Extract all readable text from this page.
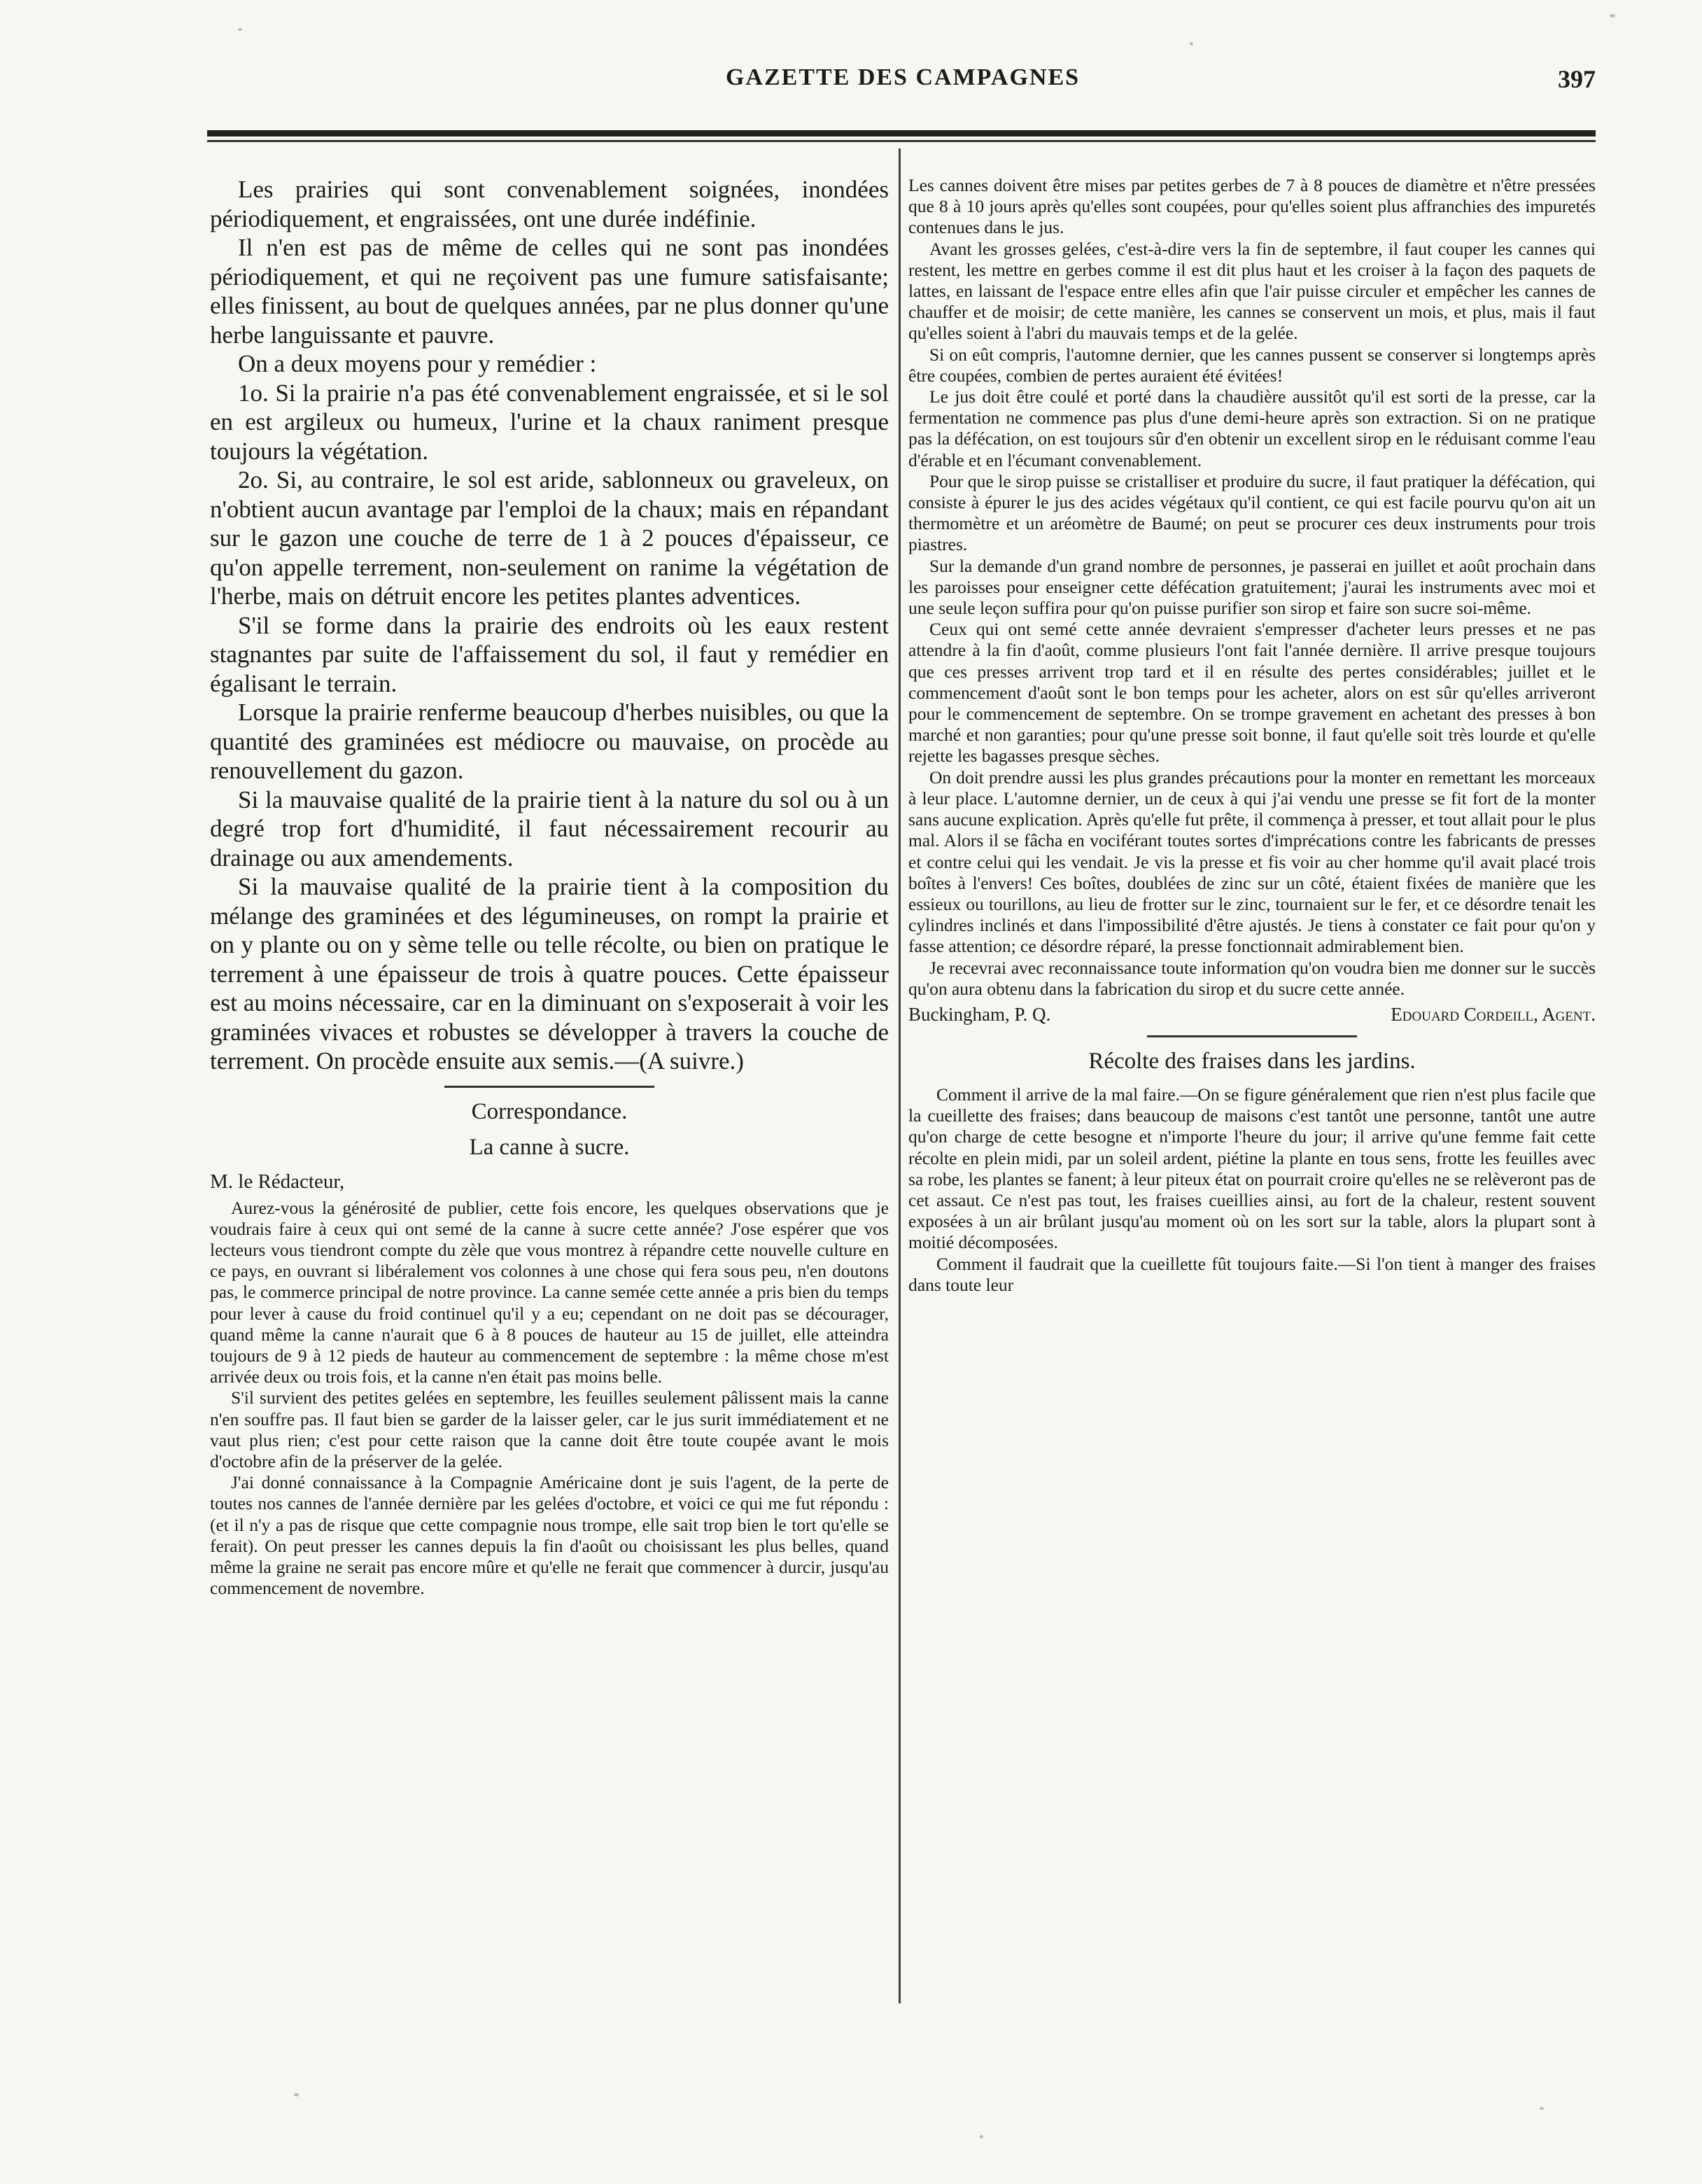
GAZETTE DES CAMPAGNES	397

Les prairies qui sont convenablement soignées, inondées périodiquement, et engraissées, ont une durée indéfinie.

Il n'en est pas de même de celles qui ne sont pas inondées périodiquement, et qui ne reçoivent pas une fumure satisfaisante; elles finissent, au bout de quelques années, par ne plus donner qu'une herbe languissante et pauvre.

On a deux moyens pour y remédier :

1o. Si la prairie n'a pas été convenablement engraissée, et si le sol en est argileux ou humeux, l'urine et la chaux raniment presque toujours la végétation.

2o. Si, au contraire, le sol est aride, sablonneux ou graveleux, on n'obtient aucun avantage par l'emploi de la chaux; mais en répandant sur le gazon une couche de terre de 1 à 2 pouces d'épaisseur, ce qu'on appelle terrement, non-seulement on ranime la végétation de l'herbe, mais on détruit encore les petites plantes adventices.

S'il se forme dans la prairie des endroits où les eaux restent stagnantes par suite de l'affaissement du sol, il faut y remédier en égalisant le terrain.

Lorsque la prairie renferme beaucoup d'herbes nuisibles, ou que la quantité des graminées est médiocre ou mauvaise, on procède au renouvellement du gazon.

Si la mauvaise qualité de la prairie tient à la nature du sol ou à un degré trop fort d'humidité, il faut nécessairement recourir au drainage ou aux amendements.

Si la mauvaise qualité de la prairie tient à la composition du mélange des graminées et des légumineuses, on rompt la prairie et on y plante ou on y sème telle ou telle récolte, ou bien on pratique le terrement à une épaisseur de trois à quatre pouces. Cette épaisseur est au moins nécessaire, car en la diminuant on s'exposerait à voir les graminées vivaces et robustes se développer à travers la couche de terrement. On procède ensuite aux semis.—(A suivre.)

Correspondance.
La canne à sucre.
M. le Rédacteur,

Aurez-vous la générosité de publier, cette fois encore, les quelques observations que je voudrais faire à ceux qui ont semé de la canne à sucre cette année? J'ose espérer que vos lecteurs vous tiendront compte du zèle que vous montrez à répandre cette nouvelle culture en ce pays, en ouvrant si libéralement vos colonnes à une chose qui fera sous peu, n'en doutons pas, le commerce principal de notre province. La canne semée cette année a pris bien du temps pour lever à cause du froid continuel qu'il y a eu; cependant on ne doit pas se décourager, quand même la canne n'aurait que 6 à 8 pouces de hauteur au 15 de juillet, elle atteindra toujours de 9 à 12 pieds de hauteur au commencement de septembre : la même chose m'est arrivée deux ou trois fois, et la canne n'en était pas moins belle.

S'il survient des petites gelées en septembre, les feuilles seulement pâlissent mais la canne n'en souffre pas. Il faut bien se garder de la laisser geler, car le jus surit immédiatement et ne vaut plus rien; c'est pour cette raison que la canne doit être toute coupée avant le mois d'octobre afin de la préserver de la gelée.

J'ai donné connaissance à la Compagnie Américaine dont je suis l'agent, de la perte de toutes nos cannes de l'année dernière par les gelées d'octobre, et voici ce qui me fut répondu : (et il n'y a pas de risque que cette compagnie nous trompe, elle sait trop bien le tort qu'elle se ferait). On peut presser les cannes depuis la fin d'août ou choisissant les plus belles, quand même la graine ne serait pas encore mûre et qu'elle ne ferait que commencer à durcir, jusqu'au commencement de novembre.

Les cannes doivent être mises par petites gerbes de 7 à 8 pouces de diamètre et n'être pressées que 8 à 10 jours après qu'elles sont coupées, pour qu'elles soient plus affranchies des impuretés contenues dans le jus.

Avant les grosses gelées, c'est-à-dire vers la fin de septembre, il faut couper les cannes qui restent, les mettre en gerbes comme il est dit plus haut et les croiser à la façon des paquets de lattes, en laissant de l'espace entre elles afin que l'air puisse circuler et empêcher les cannes de chauffer et de moisir; de cette manière, les cannes se conservent un mois, et plus, mais il faut qu'elles soient à l'abri du mauvais temps et de la gelée.

Si on eût compris, l'automne dernier, que les cannes pussent se conserver si longtemps après être coupées, combien de pertes auraient été évitées!

Le jus doit être coulé et porté dans la chaudière aussitôt qu'il est sorti de la presse, car la fermentation ne commence pas plus d'une demi-heure après son extraction. Si on ne pratique pas la défécation, on est toujours sûr d'en obtenir un excellent sirop en le réduisant comme l'eau d'érable et en l'écumant convenablement.

Pour que le sirop puisse se cristalliser et produire du sucre, il faut pratiquer la défécation, qui consiste à épurer le jus des acides végétaux qu'il contient, ce qui est facile pourvu qu'on ait un thermomètre et un aréomètre de Baumé; on peut se procurer ces deux instruments pour trois piastres.

Sur la demande d'un grand nombre de personnes, je passerai en juillet et août prochain dans les paroisses pour enseigner cette défécation gratuitement; j'aurai les instruments avec moi et une seule leçon suffira pour qu'on puisse purifier son sirop et faire son sucre soi-même.

Ceux qui ont semé cette année devraient s'empresser d'acheter leurs presses et ne pas attendre à la fin d'août, comme plusieurs l'ont fait l'année dernière. Il arrive presque toujours que ces presses arrivent trop tard et il en résulte des pertes considérables; juillet et le commencement d'août sont le bon temps pour les acheter, alors on est sûr qu'elles arriveront pour le commencement de septembre. On se trompe gravement en achetant des presses à bon marché et non garanties; pour qu'une presse soit bonne, il faut qu'elle soit très lourde et qu'elle rejette les bagasses presque sèches.

On doit prendre aussi les plus grandes précautions pour la monter en remettant les morceaux à leur place. L'automne dernier, un de ceux à qui j'ai vendu une presse se fit fort de la monter sans aucune explication. Après qu'elle fut prête, il commença à presser, et tout allait pour le plus mal. Alors il se fâcha en vociférant toutes sortes d'imprécations contre les fabricants de presses et contre celui qui les vendait. Je vis la presse et fis voir au cher homme qu'il avait placé trois boîtes à l'envers! Ces boîtes, doublées de zinc sur un côté, étaient fixées de manière que les essieux ou tourillons, au lieu de frotter sur le zinc, tournaient sur le fer, et ce désordre tenait les cylindres inclinés et dans l'impossibilité d'être ajustés. Je tiens à constater ce fait pour qu'on y fasse attention; ce désordre réparé, la presse fonctionnait admirablement bien.

Je recevrai avec reconnaissance toute information qu'on voudra bien me donner sur le succès qu'on aura obtenu dans la fabrication du sirop et du sucre cette année.

Buckingham, P. Q.	Edouard Cordeill, Agent.
Récolte des fraises dans les jardins.

Comment il arrive de la mal faire.—On se figure généralement que rien n'est plus facile que la cueillette des fraises; dans beaucoup de maisons c'est tantôt une personne, tantôt une autre qu'on charge de cette besogne et n'importe l'heure du jour; il arrive qu'une femme fait cette récolte en plein midi, par un soleil ardent, piétine la plante en tous sens, frotte les feuilles avec sa robe, les plantes se fanent; à leur piteux état on pourrait croire qu'elles ne se relèveront pas de cet assaut. Ce n'est pas tout, les fraises cueillies ainsi, au fort de la chaleur, restent souvent exposées à un air brûlant jusqu'au moment où on les sort sur la table, alors la plupart sont à moitié décomposées.

Comment il faudrait que la cueillette fût toujours faite.—Si l'on tient à manger des fraises dans toute leur
